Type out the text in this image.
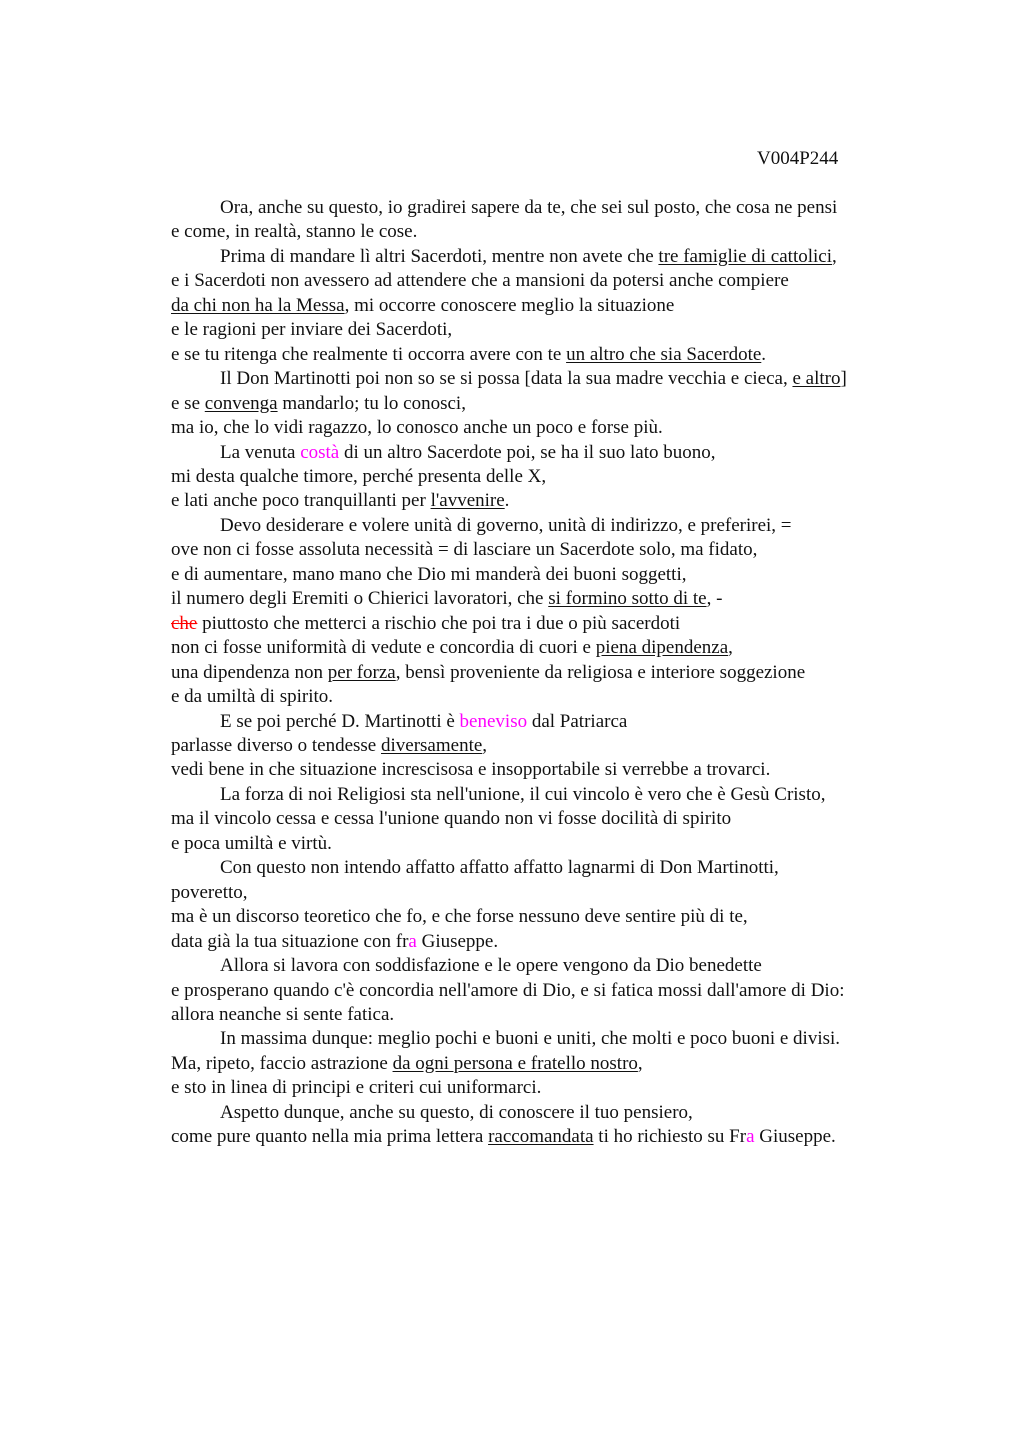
V004P244
Ora, anche su questo, io gradirei sapere da te, che sei sul posto, che cosa ne pensi
e come, in realtà, stanno le cose.
Prima di mandare lì altri Sacerdoti, mentre non avete che tre famiglie di cattolici,
e i Sacerdoti non avessero ad attendere che a mansioni da potersi anche compiere
da chi non ha la Messa, mi occorre conoscere meglio la situazione
e le ragioni per inviare dei Sacerdoti,
e se tu ritenga che realmente ti occorra avere con te un altro che sia Sacerdote.
Il Don Martinotti poi non so se si possa [data la sua madre vecchia e cieca, e altro]
e se convenga mandarlo; tu lo conosci,
ma io, che lo vidi ragazzo, lo conosco anche un poco e forse più.
La venuta costà di un altro Sacerdote poi, se ha il suo lato buono,
mi desta qualche timore, perché presenta delle X,
e lati anche poco tranquillanti per l'avvenire.
Devo desiderare e volere unità di governo, unità di indirizzo, e preferirei, =
ove non ci fosse assoluta necessità = di lasciare un Sacerdote solo, ma fidato,
e di aumentare, mano mano che Dio mi manderà dei buoni soggetti,
il numero degli Eremiti o Chierici lavoratori, che si formino sotto di te, -
che piuttosto che metterci a rischio che poi tra i due o più sacerdoti
non ci fosse uniformità di vedute e concordia di cuori e piena dipendenza,
una dipendenza non per forza, bensì proveniente da religiosa e interiore soggezione
e da umiltà di spirito.
E se poi perché D. Martinotti è beneviso dal Patriarca
parlasse diverso o tendesse diversamente,
vedi bene in che situazione increscisosa e insopportabile si verrebbe a trovarci.
La forza di noi Religiosi sta nell'unione, il cui vincolo è vero che è Gesù Cristo,
ma il vincolo cessa e cessa l'unione quando non vi fosse docilità di spirito
e poca umiltà e virtù.
Con questo non intendo affatto affatto affatto lagnarmi di Don Martinotti,
poveretto,
ma è un discorso teoretico che fo, e che forse nessuno deve sentire più di te,
data già la tua situazione con fra Giuseppe.
Allora si lavora con soddisfazione e le opere vengono da Dio benedette
e prosperano quando c'è concordia nell'amore di Dio, e si fatica mossi dall'amore di Dio:
allora neanche si sente fatica.
In massima dunque: meglio pochi e buoni e uniti, che molti e poco buoni e divisi.
Ma, ripeto, faccio astrazione da ogni persona e fratello nostro,
e sto in linea di principi e criteri cui uniformarci.
Aspetto dunque, anche su questo, di conoscere il tuo pensiero,
come pure quanto nella mia prima lettera raccomandata ti ho richiesto su Fra Giuseppe.
